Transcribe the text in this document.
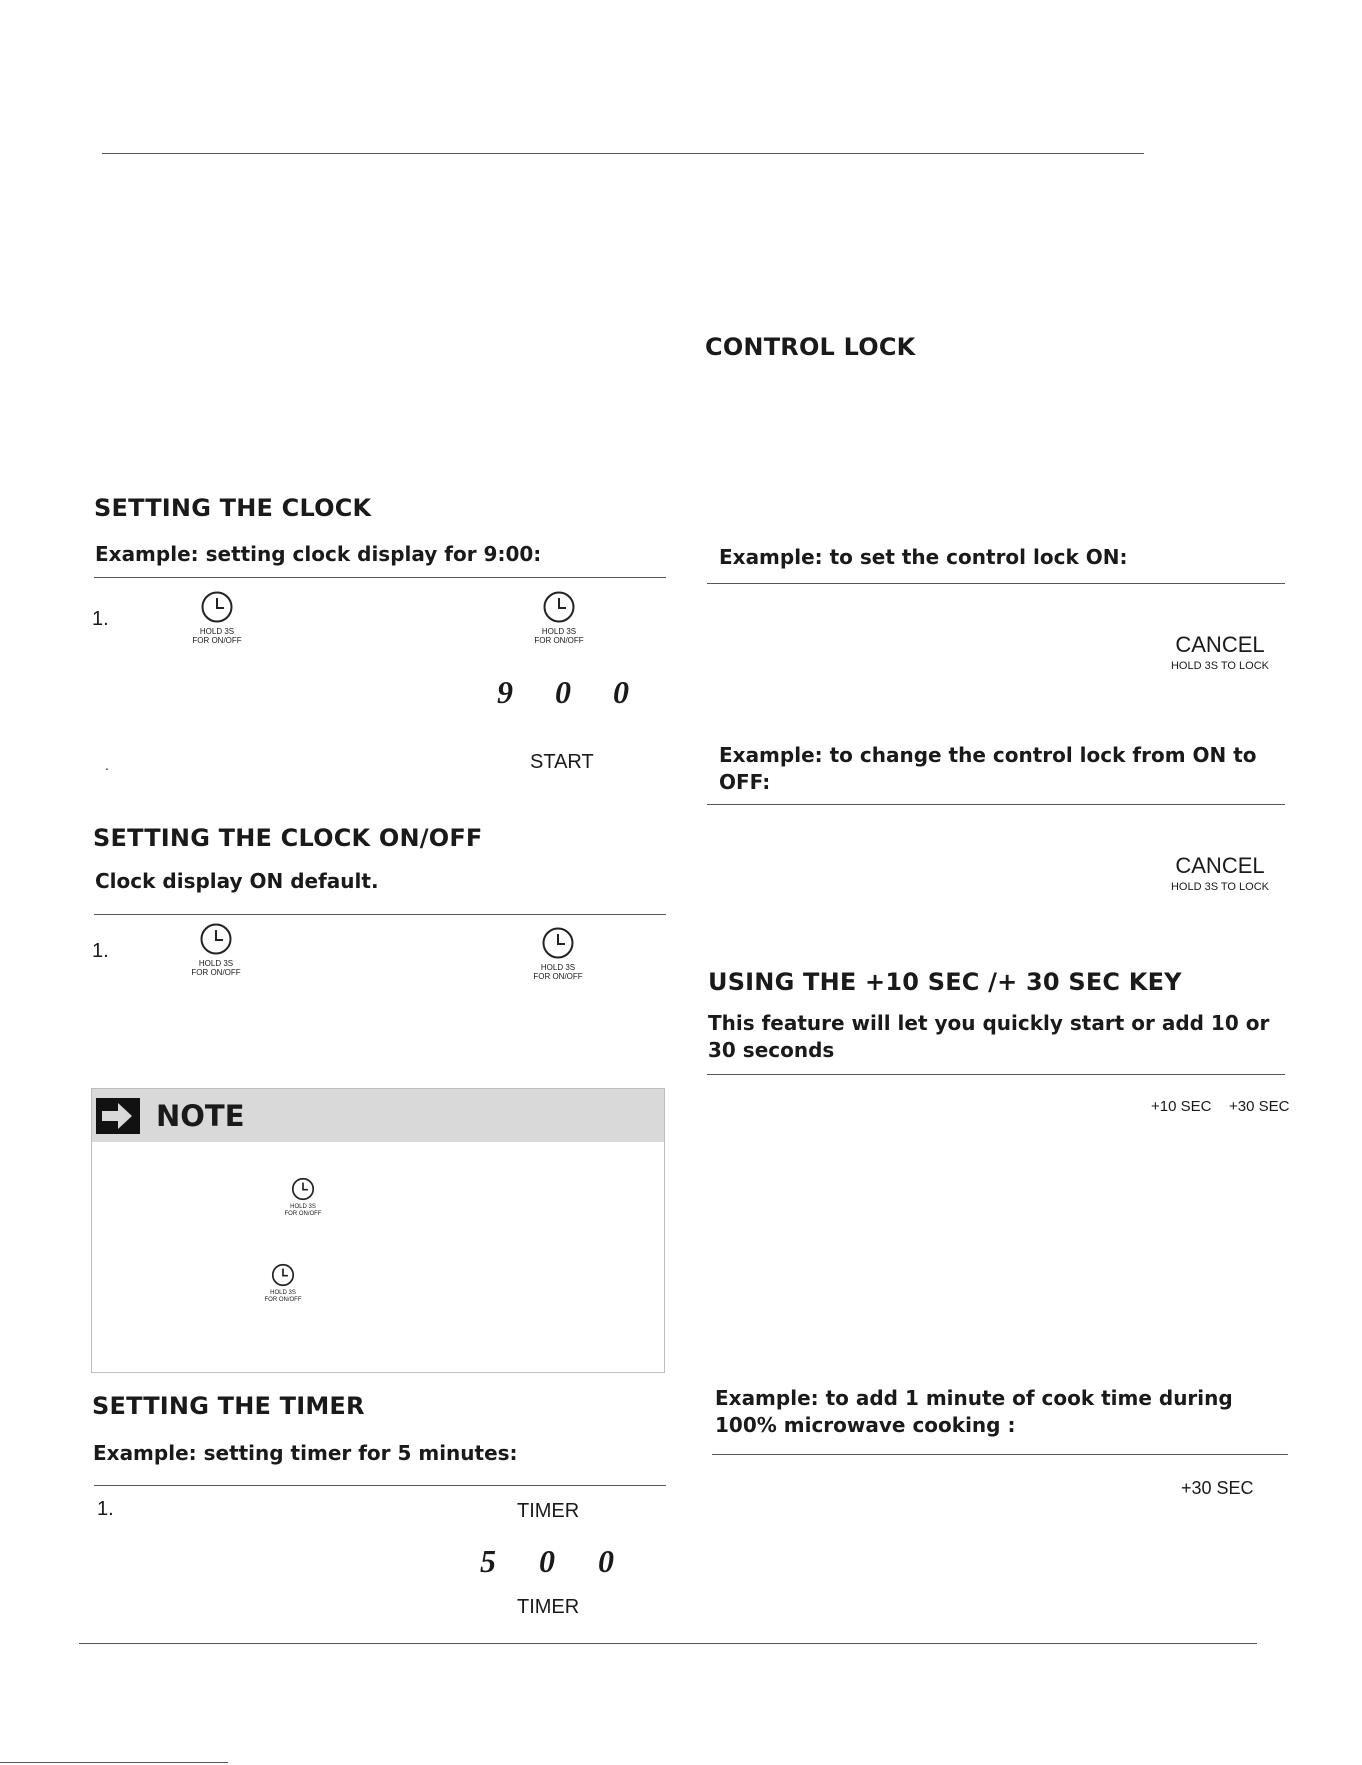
CONTROL LOCK
Example: to set the control lock ON:
CANCEL
HOLD 3S TO LOCK
Example: to change the control lock from ON to OFF:
CANCEL
HOLD 3S TO LOCK
SETTING THE CLOCK
Example: setting clock display for 9:00:
1.
HOLD 3S
FOR ON/OFF
HOLD 3S
FOR ON/OFF
9 0 0
.	START
SETTING THE CLOCK ON/OFF
Clock display ON default.
1.
HOLD 3S
FOR ON/OFF
HOLD 3S
FOR ON/OFF
NOTE
HOLD 3S
FOR ON/OFF
HOLD 3S
FOR ON/OFF
SETTING THE TIMER
Example: setting timer for 5 minutes:
1.	TIMER
5 0 0
TIMER
USING THE +10 SEC /+ 30 SEC KEY
This feature will let you quickly start or add 10 or 30 seconds
+10 SEC +30 SEC
Example: to add 1 minute of cook time during 100% microwave cooking :
+30 SEC
